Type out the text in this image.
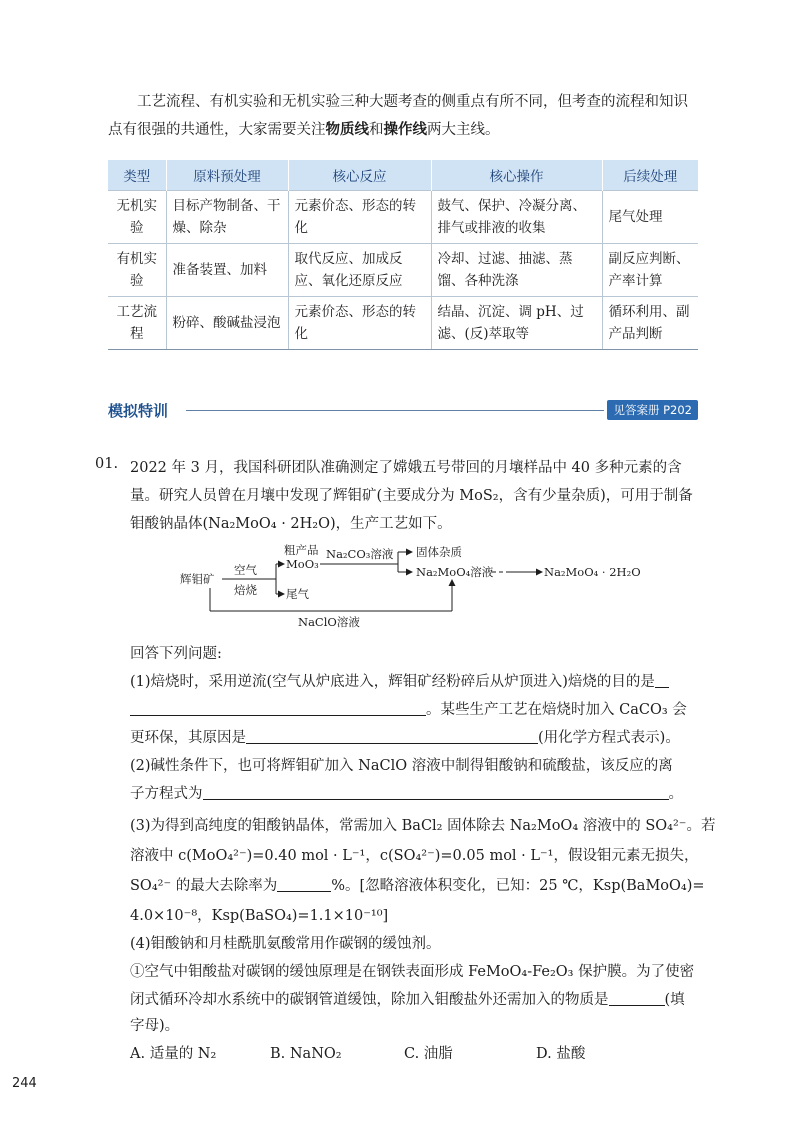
工艺流程、有机实验和无机实验三种大题考查的侧重点有所不同，但考查的流程和知识点有很强的共通性，大家需要关注物质线和操作线两大主线。
类型	原料预处理	核心反应	核心操作	后续处理
无机实验	目标产物制备、干燥、除杂	元素价态、形态的转化	鼓气、保护、冷凝分离、排气或排液的收集	尾气处理
有机实验	准备装置、加料	取代反应、加成反应、氧化还原反应	冷却、过滤、抽滤、蒸馏、各种洗涤	副反应判断、产率计算
工艺流程	粉碎、酸碱盐浸泡	元素价态、形态的转化	结晶、沉淀、调 pH、过滤、(反)萃取等	循环利用、副产品判断
模拟特训	见答案册 P202
01. 2022 年 3 月，我国科研团队准确测定了嫦娥五号带回的月壤样品中 40 多种元素的含量。研究人员曾在月壤中发现了辉钼矿(主要成分为 MoS₂，含有少量杂质)，可用于制备钼酸钠晶体(Na₂MoO₄ · 2H₂O)，生产工艺如下。
辉钼矿
空气
焙烧
粗产品
MoO₃
尾气
Na₂CO₃溶液 固体杂质
Na₂MoO₄溶液	Na₂MoO₄ · 2H₂O
NaClO溶液
回答下列问题:
(1)焙烧时，采用逆流(空气从炉底进入，辉钼矿经粉碎后从炉顶进入)焙烧的目的是
。某些生产工艺在焙烧时加入 CaCO₃ 会
更环保，其原因是	(用化学方程式表示)。
(2)碱性条件下，也可将辉钼矿加入 NaClO 溶液中制得钼酸钠和硫酸盐，该反应的离
子方程式为	。
(3)为得到高纯度的钼酸钠晶体，常需加入 BaCl₂ 固体除去 Na₂MoO₄ 溶液中的 SO₄²⁻。若
溶液中 c(MoO₄²⁻)=0.40 mol · L⁻¹，c(SO₄²⁻)=0.05 mol · L⁻¹，假设钼元素无损失，
SO₄²⁻ 的最大去除率为	%。[忽略溶液体积变化，已知：25 ℃，Ksp(BaMoO₄)=
4.0×10⁻⁸，Ksp(BaSO₄)=1.1×10⁻¹⁰]
(4)钼酸钠和月桂酰肌氨酸常用作碳钢的缓蚀剂。
①空气中钼酸盐对碳钢的缓蚀原理是在钢铁表面形成 FeMoO₄-Fe₂O₃ 保护膜。为了使密
闭式循环冷却水系统中的碳钢管道缓蚀，除加入钼酸盐外还需加入的物质是	(填
字母)。
A. 适量的 N₂	B. NaNO₂	C. 油脂	D. 盐酸
244
